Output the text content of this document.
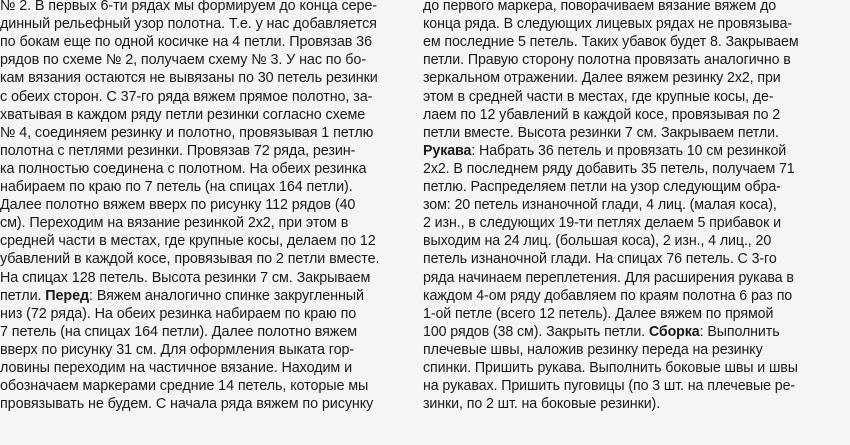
№ 2. В первых 6-ти рядах мы формируем до конца сере-
динный рельефный узор полотна. Т.е. у нас добавляется
по бокам еще по одной косичке на 4 петли. Провязав 36
рядов по схеме № 2, получаем схему № 3. У нас по бо-
кам вязания остаются не вывязаны по 30 петель резинки
с обеих сторон. С 37-го ряда вяжем прямое полотно, за-
хватывая в каждом ряду петли резинки согласно схеме
№ 4, соединяем резинку и полотно, провязывая 1 петлю
полотна с петлями резинки. Провязав 72 ряда, резин-
ка полностью соединена с полотном. На обеих резинка
набираем по краю по 7 петель (на спицах 164 петли).
Далее полотно вяжем вверх по рисунку 112 рядов (40
см). Переходим на вязание резинкой 2х2, при этом в
средней части в местах, где крупные косы, делаем по 12
убавлений в каждой косе, провязывая по 2 петли вместе.
На спицах 128 петель. Высота резинки 7 см. Закрываем
петли. Перед: Вяжем аналогично спинке закругленный
низ (72 ряда). На обеих резинка набираем по краю по
7 петель (на спицах 164 петли). Далее полотно вяжем
вверх по рисунку 31 см. Для оформления выката гор-
ловины переходим на частичное вязание. Находим и
обозначаем маркерами средние 14 петель, которые мы
провязывать не будем. С начала ряда вяжем по рисунку
до первого маркера, поворачиваем вязание вяжем до
конца ряда. В следующих лицевых рядах не провязыва-
ем последние 5 петель. Таких убавок будет 8. Закрываем
петли. Правую сторону полотна провязать аналогично в
зеркальном отражении. Далее вяжем резинку 2х2, при
этом в средней части в местах, где крупные косы, де-
лаем по 12 убавлений в каждой косе, провязывая по 2
петли вместе. Высота резинки 7 см. Закрываем петли.
Рукава: Набрать 36 петель и провязать 10 см резинкой
2х2. В последнем ряду добавить 35 петель, получаем 71
петлю. Распределяем петли на узор следующим обра-
зом: 20 петель изнаночной глади, 4 лиц. (малая коса),
2 изн., в следующих 19-ти петлях делаем 5 прибавок и
выходим на 24 лиц. (большая коса), 2 изн., 4 лиц., 20
петель изнаночной глади. На спицах 76 петель. С 3-го
ряда начинаем переплетения. Для расширения рукава в
каждом 4-ом ряду добавляем по краям полотна 6 раз по
1-ой петле (всего 12 петель). Далее вяжем по прямой
100 рядов (38 см). Закрыть петли. Сборка: Выполнить
плечевые швы, наложив резинку переда на резинку
спинки. Пришить рукава. Выполнить боковые швы и швы
на рукавах. Пришить пуговицы (по 3 шт. на плечевые ре-
зинки, по 2 шт. на боковые резинки).
